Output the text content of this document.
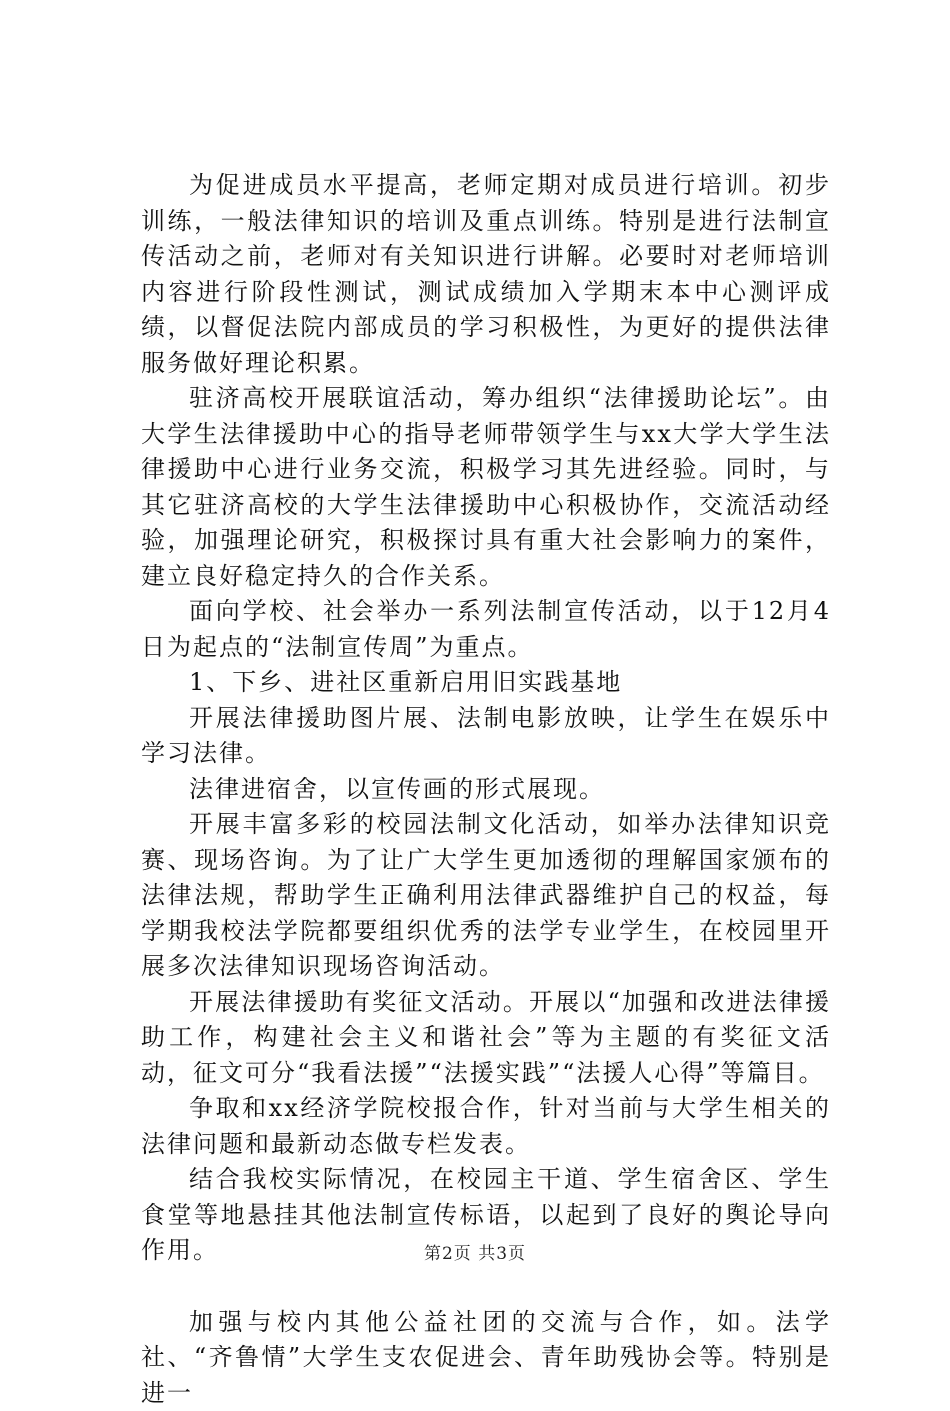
为促进成员水平提高，老师定期对成员进行培训。初步训练，一般法律知识的培训及重点训练。特别是进行法制宣传活动之前，老师对有关知识进行讲解。必要时对老师培训内容进行阶段性测试，测试成绩加入学期末本中心测评成绩，以督促法院内部成员的学习积极性，为更好的提供法律服务做好理论积累。

驻济高校开展联谊活动，筹办组织“法律援助论坛”。由大学生法律援助中心的指导老师带领学生与xx大学大学生法律援助中心进行业务交流，积极学习其先进经验。同时，与其它驻济高校的大学生法律援助中心积极协作，交流活动经验，加强理论研究，积极探讨具有重大社会影响力的案件，建立良好稳定持久的合作关系。

面向学校、社会举办一系列法制宣传活动，以于12月4日为起点的“法制宣传周”为重点。

1、下乡、进社区重新启用旧实践基地

开展法律援助图片展、法制电影放映，让学生在娱乐中学习法律。

法律进宿舍，以宣传画的形式展现。

开展丰富多彩的校园法制文化活动，如举办法律知识竞赛、现场咨询。为了让广大学生更加透彻的理解国家颁布的法律法规，帮助学生正确利用法律武器维护自己的权益，每学期我校法学院都要组织优秀的法学专业学生，在校园里开展多次法律知识现场咨询活动。

开展法律援助有奖征文活动。开展以“加强和改进法律援助工作，构建社会主义和谐社会”等为主题的有奖征文活动，征文可分“我看法援”“法援实践”“法援人心得”等篇目。

争取和xx经济学院校报合作，针对当前与大学生相关的法律问题和最新动态做专栏发表。

结合我校实际情况，在校园主干道、学生宿舍区、学生食堂等地悬挂其他法制宣传标语，以起到了良好的舆论导向作用。

加强与校内其他公益社团的交流与合作，如。法学社、“齐鲁情”大学生支农促进会、青年助残协会等。特别是进一

第2页 共3页
